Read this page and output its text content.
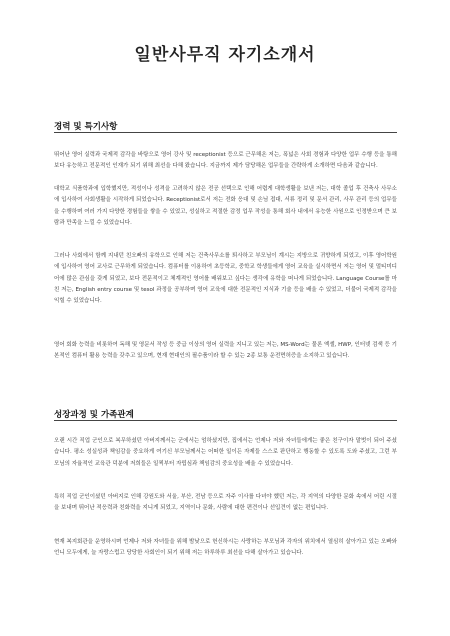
일반사무직 자기소개서
경력 및 특기사항

뛰어난 영어 실력과 국제적 감각을 바탕으로 영어 강사 및 receptionist 등으로 근무해온 저는, 폭넓은 사회 경험과 다양한 업무 수행 등을 통해 보다 유능하고 전문적인 인재가 되기 위해 최선을 다해 왔습니다. 지금까지 제가 담당해온 업무들을 간략하게 소개하면 다음과 같습니다.

대학교 식품학과에 입학했지만, 적성이나 성격을 고려하지 않은 전공 선택으로 인해 어렵게 대학생활을 보낸 저는, 대학 졸업 후 건축사 사무소에 입사하여 사회생활을 시작하게 되었습니다. Receptionist로서 저는 전화 응대 및 손님 접대, 서류 정리 및 문서 관리, 사무 관리 등의 업무들을 수행하며 여러 가지 다양한 경험들을 쌓을 수 있었고, 성실하고 적절한 감정 업무 작성을 통해 회사 내에서 유능한 사원으로 인정받으며 큰 보람과 만족을 느낄 수 있었습니다.

그러나 사회에서 함께 지내던 친오빠의 유학으로 인해 저는 건축사무소를 퇴사하고 부모님이 계시는 지방으로 귀향하게 되었고, 이후 영어학원에 입사하여 영어 교사로 근무하게 되었습니다. 컴퓨터를 이용하여 초등학교, 중학교 학생들에게 영어 교육을 실시하면서 저는 영어 및 멀티미디어에 많은 관심을 갖게 되었고, 보다 전문적이고 체계적인 영어를 배워보고 싶다는 생각에 유학을 떠나게 되었습니다. Language Course를 마친 저는, English entry course 및 tesol 과정을 공부하며 영어 교육에 대한 전문적인 지식과 기술 등을 배울 수 있었고, 더불어 국제적 감각을 익힐 수 있었습니다.

영어 회화 능력을 비롯하여 독해 및 영문서 작성 등 중급 이상의 영어 실력을 지니고 있는 저는, MS-Word는 물론 엑셀, HWP, 인터넷 검색 등 기본적인 컴퓨터 활용 능력을 갖추고 있으며, 현재 현대인의 필수품이라 할 수 있는 2종 보통 운전면허증을 소지하고 있습니다.

성장과정 및 가족관계

오랜 시간 직업 군인으로 복무하셨던 아버지께서는 군에서는 엄하셨지만, 집에서는 언제나 저와 자녀들에게는 좋은 친구이자 말벗이 되어 주셨습니다. 평소 성실성과 책임감을 중요하게 여기신 부모님께서는 어떠한 일이든 자제들 스스로 판단하고 행동할 수 있도록 도와 주셨고, 그런 부모님의 자율적인 교육관 덕분에 저희들은 일찍부터 자립심과 책임감의 중요성을 배울 수 있었습니다.

특히 직업 군인이셨던 아버지로 인해 강원도와 서울, 부산, 전남 등으로 자주 이사를 다녀야 했던 저는, 각 지역의 다양한 문화 속에서 어린 시절을 보내며 뛰어난 적응력과 친화력을 지니게 되었고, 지역이나 문화, 사람에 대한 편견이나 선입견이 없는 편입니다.

현재 복지회관을 운영하시며 언제나 저와 자녀들을 위해 밤낮으로 헌신하시는 사랑하는 부모님과 각자의 위치에서 열심히 살아가고 있는 오빠와 언니 모두에게, 늘 자랑스럽고 당당한 사회인이 되기 위해 저는 하루하루 최선을 다해 살아가고 있습니다.
